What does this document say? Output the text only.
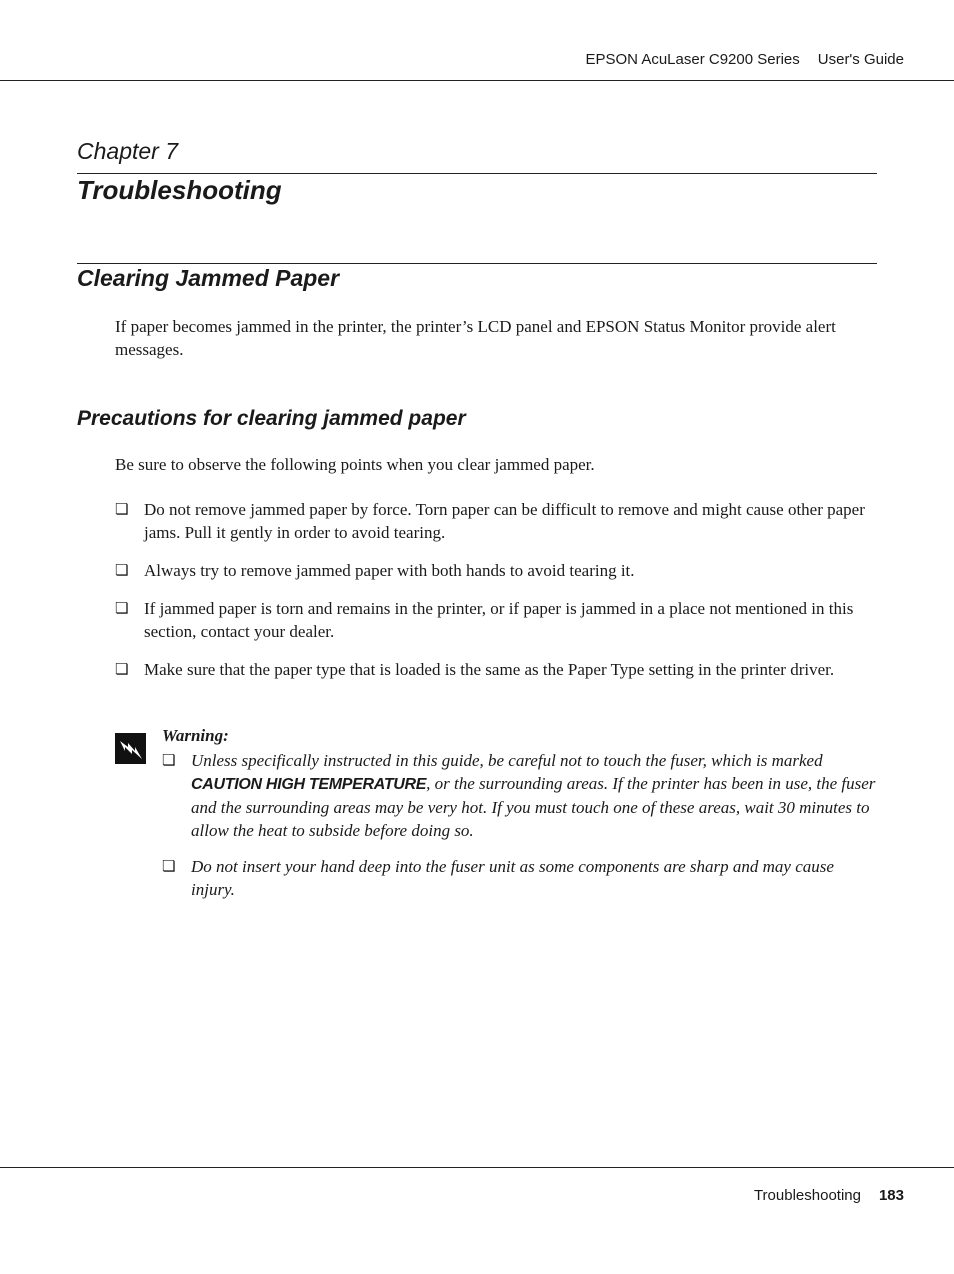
EPSON AcuLaser C9200 Series User's Guide
Chapter 7
Troubleshooting
Clearing Jammed Paper

If paper becomes jammed in the printer, the printer’s LCD panel and EPSON Status Monitor provide alert messages.

Precautions for clearing jammed paper

Be sure to observe the following points when you clear jammed paper.

❏ Do not remove jammed paper by force. Torn paper can be difficult to remove and might cause other paper jams. Pull it gently in order to avoid tearing.
❏ Always try to remove jammed paper with both hands to avoid tearing it.
❏ If jammed paper is torn and remains in the printer, or if paper is jammed in a place not mentioned in this section, contact your dealer.
❏ Make sure that the paper type that is loaded is the same as the Paper Type setting in the printer driver.
Warning:
❏ Unless specifically instructed in this guide, be careful not to touch the fuser, which is marked
CAUTION HIGH TEMPERATURE, or the surrounding areas. If the printer has been in use, the fuser and the surrounding areas may be very hot. If you must touch one of these areas, wait 30 minutes to allow the heat to subside before doing so.
❏ Do not insert your hand deep into the fuser unit as some components are sharp and may cause injury.
Troubleshooting 183
